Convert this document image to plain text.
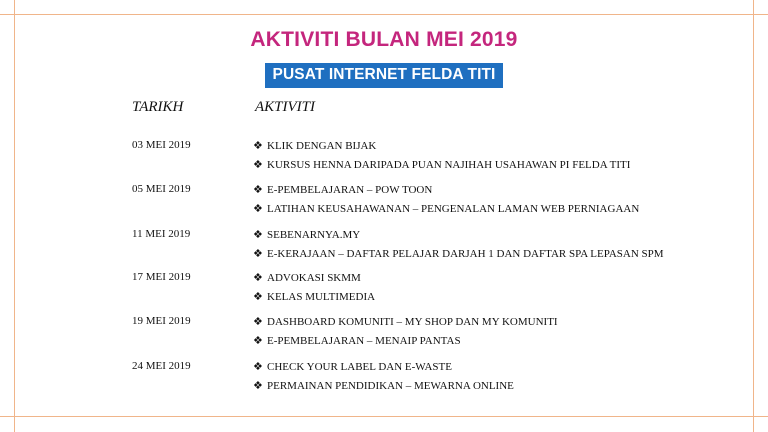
AKTIVITI BULAN MEI 2019
PUSAT INTERNET FELDA TITI
TARIKH	AKTIVITI
03 MEI 2019	❖ KLIK DENGAN BIJAK
❖ KURSUS HENNA DARIPADA PUAN NAJIHAH USAHAWAN PI FELDA TITI
05 MEI 2019	❖ E-PEMBELAJARAN – POW TOON
❖ LATIHAN KEUSAHAWANAN – PENGENALAN LAMAN WEB PERNIAGAAN
11 MEI 2019	❖ SEBENARNYA.MY
❖ E-KERAJAAN – DAFTAR PELAJAR DARJAH 1 DAN DAFTAR SPA LEPASAN SPM
17 MEI 2019	❖ ADVOKASI SKMM
❖ KELAS MULTIMEDIA
19 MEI 2019	❖ DASHBOARD KOMUNITI – MY SHOP DAN MY KOMUNITI
❖ E-PEMBELAJARAN – MENAIP PANTAS
24 MEI 2019	❖ CHECK YOUR LABEL DAN E-WASTE
❖ PERMAINAN PENDIDIKAN – MEWARNA ONLINE
